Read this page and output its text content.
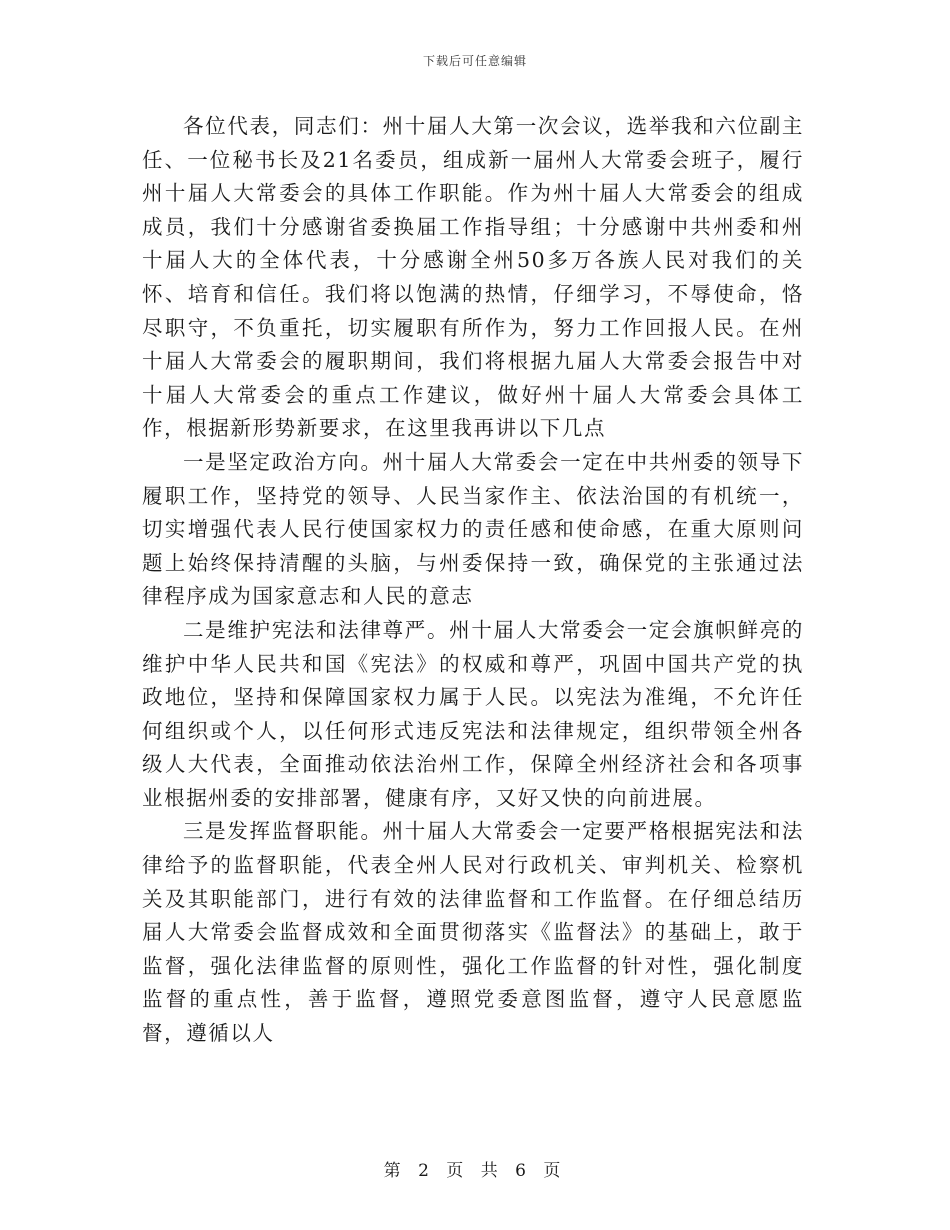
下载后可任意编辑

各位代表，同志们：州十届人大第一次会议，选举我和六位副主任、一位秘书长及21名委员，组成新一届州人大常委会班子，履行州十届人大常委会的具体工作职能。作为州十届人大常委会的组成成员，我们十分感谢省委换届工作指导组；十分感谢中共州委和州十届人大的全体代表，十分感谢全州50多万各族人民对我们的关怀、培育和信任。我们将以饱满的热情，仔细学习，不辱使命，恪尽职守，不负重托，切实履职有所作为，努力工作回报人民。在州十届人大常委会的履职期间，我们将根据九届人大常委会报告中对十届人大常委会的重点工作建议，做好州十届人大常委会具体工作，根据新形势新要求，在这里我再讲以下几点

一是坚定政治方向。州十届人大常委会一定在中共州委的领导下履职工作，坚持党的领导、人民当家作主、依法治国的有机统一，切实增强代表人民行使国家权力的责任感和使命感，在重大原则问题上始终保持清醒的头脑，与州委保持一致，确保党的主张通过法律程序成为国家意志和人民的意志

二是维护宪法和法律尊严。州十届人大常委会一定会旗帜鲜亮的维护中华人民共和国《宪法》的权威和尊严，巩固中国共产党的执政地位，坚持和保障国家权力属于人民。以宪法为准绳，不允许任何组织或个人，以任何形式违反宪法和法律规定，组织带领全州各级人大代表，全面推动依法治州工作，保障全州经济社会和各项事业根据州委的安排部署，健康有序，又好又快的向前进展。

三是发挥监督职能。州十届人大常委会一定要严格根据宪法和法律给予的监督职能，代表全州人民对行政机关、审判机关、检察机关及其职能部门，进行有效的法律监督和工作监督。在仔细总结历届人大常委会监督成效和全面贯彻落实《监督法》的基础上，敢于监督，强化法律监督的原则性，强化工作监督的针对性，强化制度监督的重点性，善于监督，遵照党委意图监督，遵守人民意愿监督，遵循以人

第 2 页 共 6 页
